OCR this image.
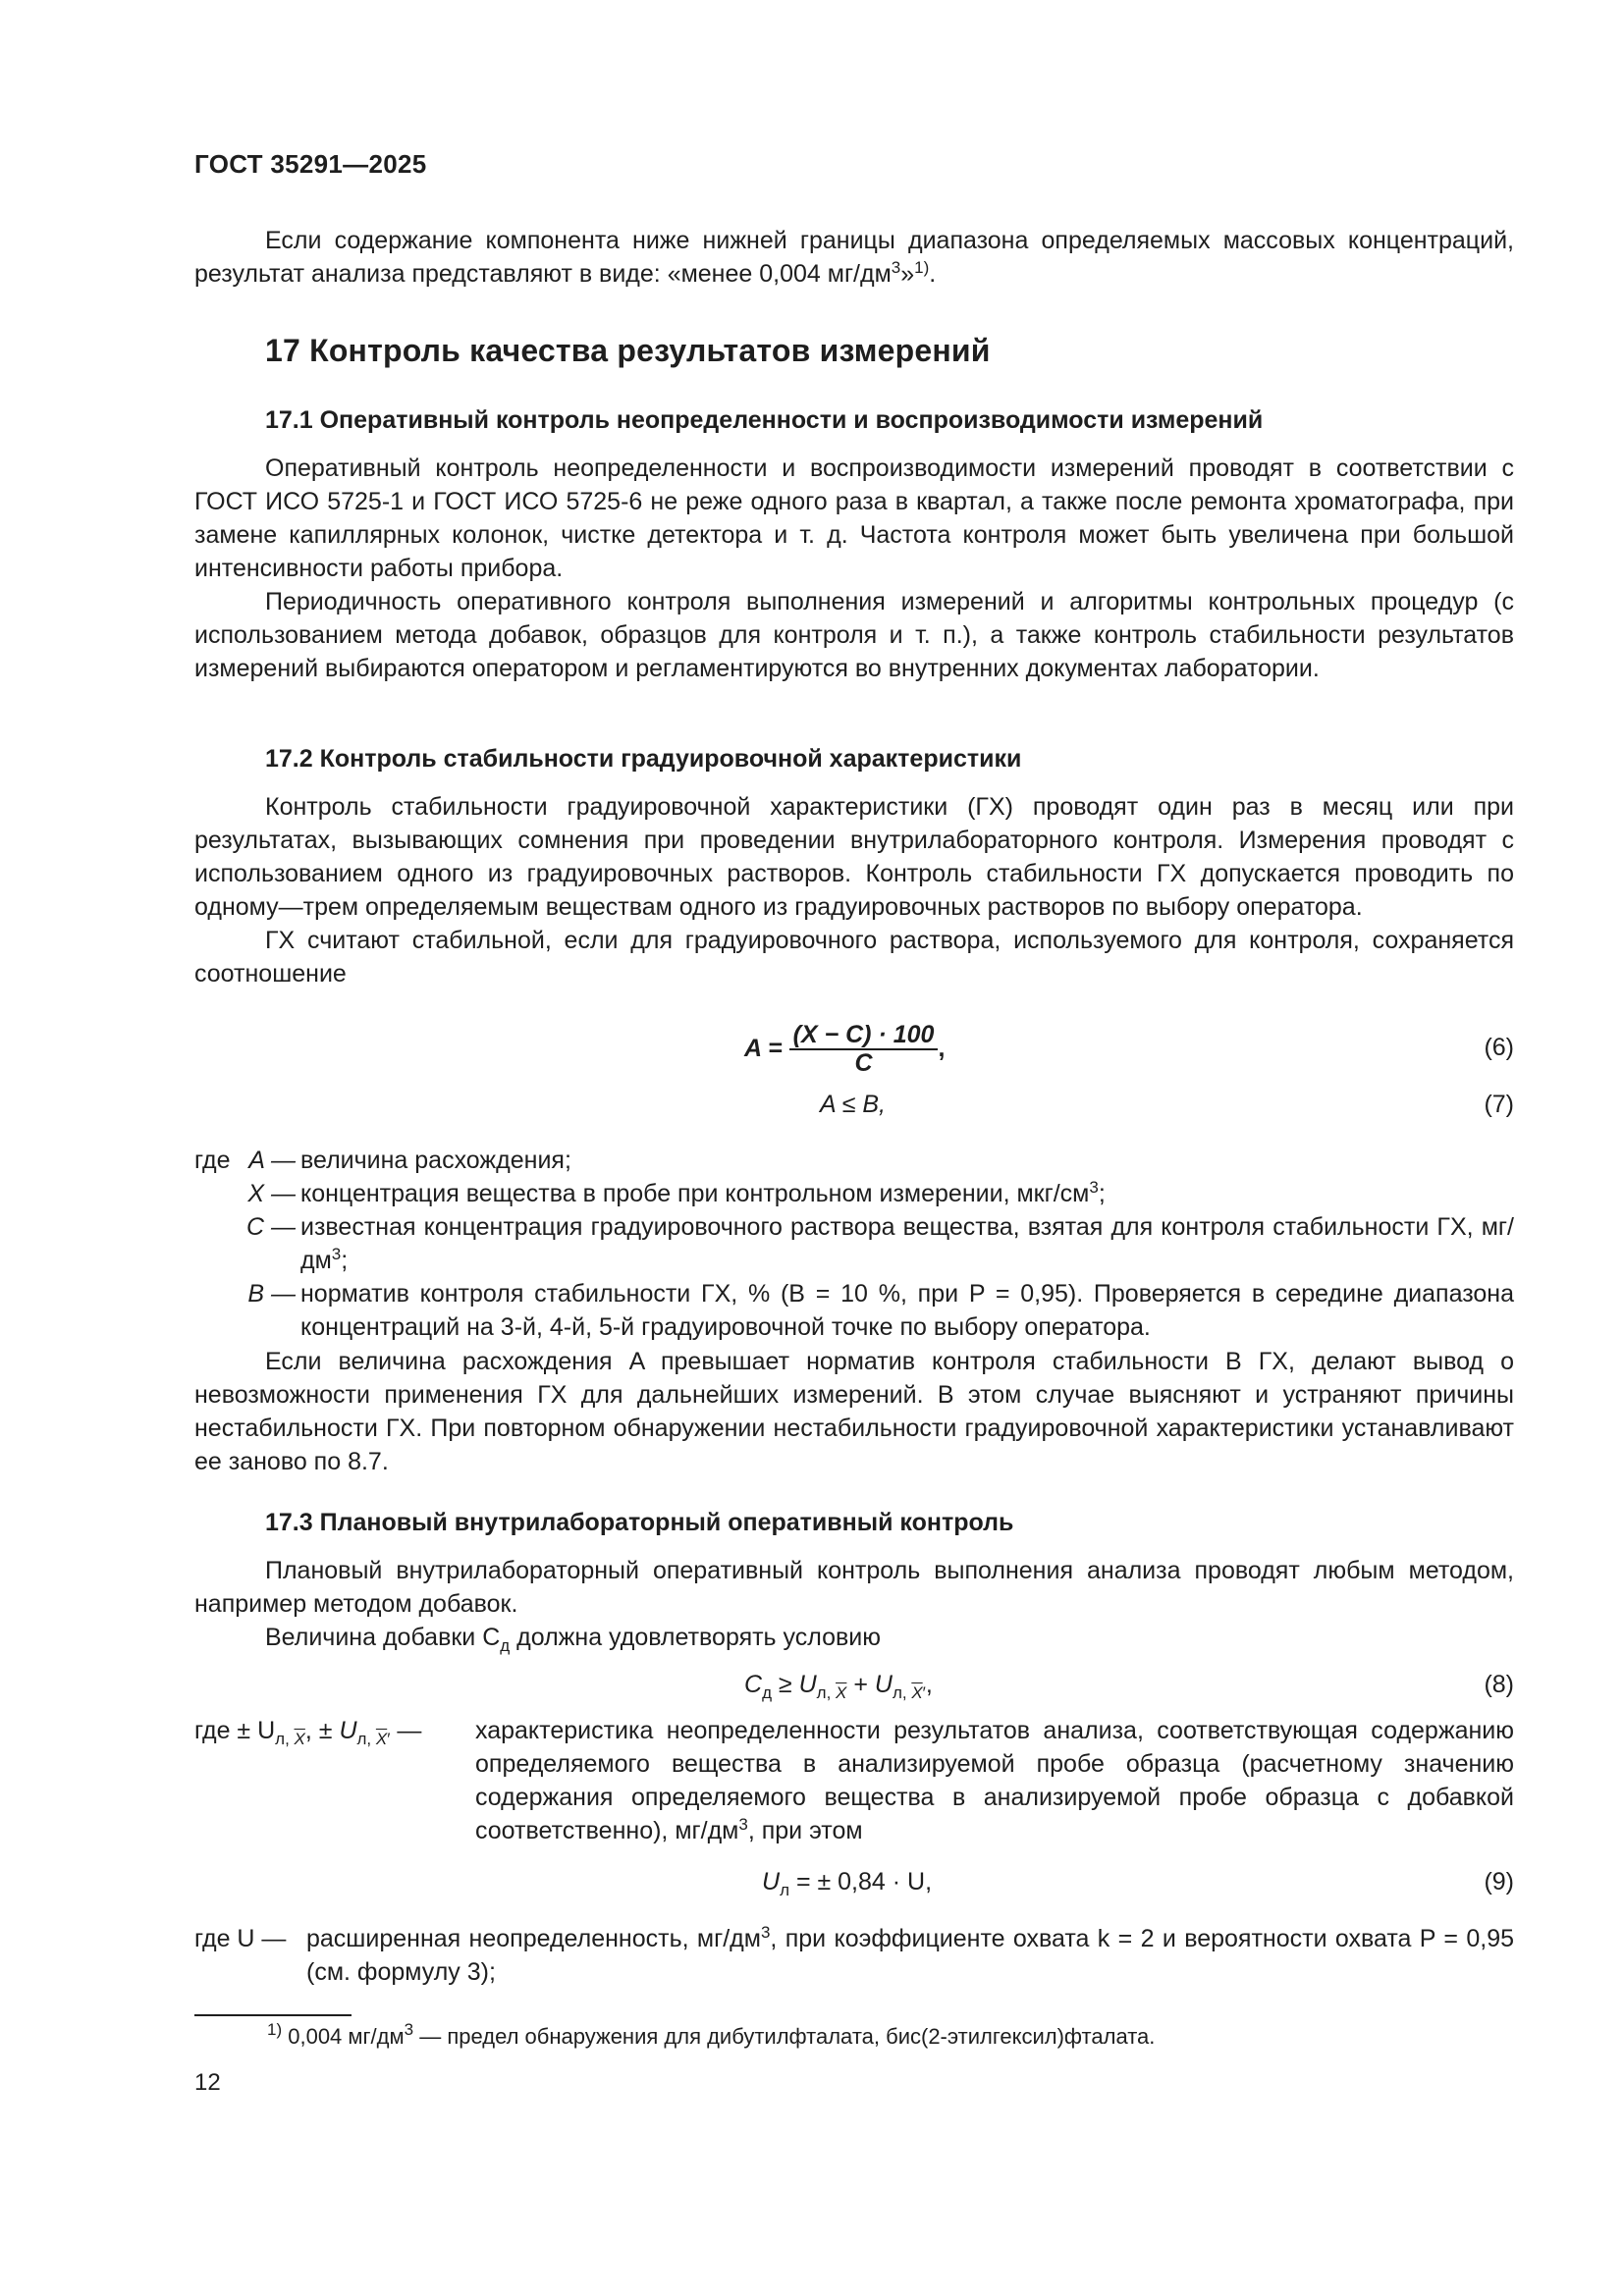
ГОСТ 35291—2025

Если содержание компонента ниже нижней границы диапазона определяемых массовых концентраций, результат анализа представляют в виде: «менее 0,004 $мг/дм^3»^{1)}$.

17 Контроль качества результатов измерений
17.1 Оперативный контроль неопределенности и воспроизводимости измерений

Оперативный контроль неопределенности и воспроизводимости измерений проводят в соответствии с ГОСТ ИСО 5725-1 и ГОСТ ИСО 5725-6 не реже одного раза в квартал, а также после ремонта хроматографа, при замене капиллярных колонок, чистке детектора и т. д. Частота контроля может быть увеличена при большой интенсивности работы прибора.

Периодичность оперативного контроля выполнения измерений и алгоритмы контрольных процедур (с использованием метода добавок, образцов для контроля и т. п.), а также контроль стабильности результатов измерений выбираются оператором и регламентируются во внутренних документах лаборатории.

17.2 Контроль стабильности градуировочной характеристики

Контроль стабильности градуировочной характеристики (ГХ) проводят один раз в месяц или при результатах, вызывающих сомнения при проведении внутрилабораторного контроля. Измерения проводят с использованием одного из градуировочных растворов. Контроль стабильности ГХ допускается проводить по одному—трем определяемым веществам одного из градуировочных растворов по выбору оператора.

ГХ считают стабильной, если для градуировочного раствора, используемого для контроля, сохраняется соотношение

$A = \frac{(X - C) \cdot 100}{C}$ ,	(6)
A ≤ B,	(7)
где A — величина расхождения;
X — концентрация вещества в пробе при контрольном измерении, мкг/$см^3$;
C — известная концентрация градуировочного раствора вещества, взятая для контроля стабильности ГХ, $мг/дм^3$;
B — норматив контроля стабильности ГХ, % (B = 10 %, при P = 0,95). Проверяется в середине диапазона концентраций на 3-й, 4-й, 5-й градуировочной точке по выбору оператора.

Если величина расхождения A превышает норматив контроля стабильности B ГХ, делают вывод о невозможности применения ГХ для дальнейших измерений. В этом случае выясняют и устраняют причины нестабильности ГХ. При повторном обнаружении нестабильности градуировочной характеристики устанавливают ее заново по 8.7.

17.3 Плановый внутрилабораторный оперативный контроль

Плановый внутрилабораторный оперативный контроль выполнения анализа проводят любым методом, например методом добавок.

Величина добавки $C_д$ должна удовлетворять условию

$C_д \ge U_{л, \overline{X}} + U_{л, \overline{X}'}$,	(8)
где ± $U_{л, \overline{X}}$, ± $U_{л, \overline{X}'}$ — характеристика неопределенности результатов анализа, соответствующая содержанию определяемого вещества в анализируемой пробе образца (расчетному значению содержания определяемого вещества в анализируемой пробе образца с добавкой соответственно), $мг/дм^3$, при этом
$U_л$ = ± 0,84 · U,	(9)
где U — расширенная неопределенность, $мг/дм^3$, при коэффициенте охвата k = 2 и вероятности охвата P = 0,95 (см. формулу 3);
$^{1)}$ 0,004 $мг/дм^3$ — предел обнаружения для дибутилфталата, бис(2-этилгексил)фталата.
12
